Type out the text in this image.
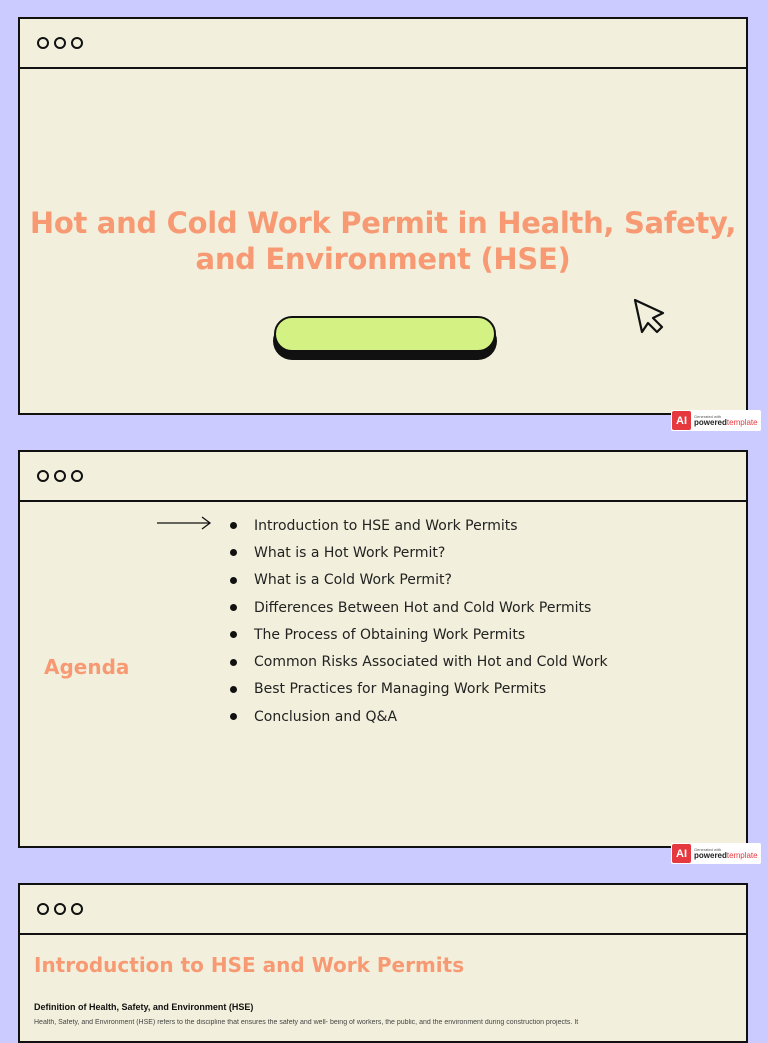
Hot and Cold Work Permit in Health, Safety, and Environment (HSE)
AI	Generated with
poweredtemplate
Agenda
Introduction to HSE and Work Permits
What is a Hot Work Permit?
What is a Cold Work Permit?
Differences Between Hot and Cold Work Permits
The Process of Obtaining Work Permits
Common Risks Associated with Hot and Cold Work
Best Practices for Managing Work Permits
Conclusion and Q&A
AI	Generated with
poweredtemplate
Introduction to HSE and Work Permits
Definition of Health, Safety, and Environment (HSE)
Health, Safety, and Environment (HSE) refers to the discipline that ensures the safety and well- being of workers, the public, and the environment during construction projects. It
